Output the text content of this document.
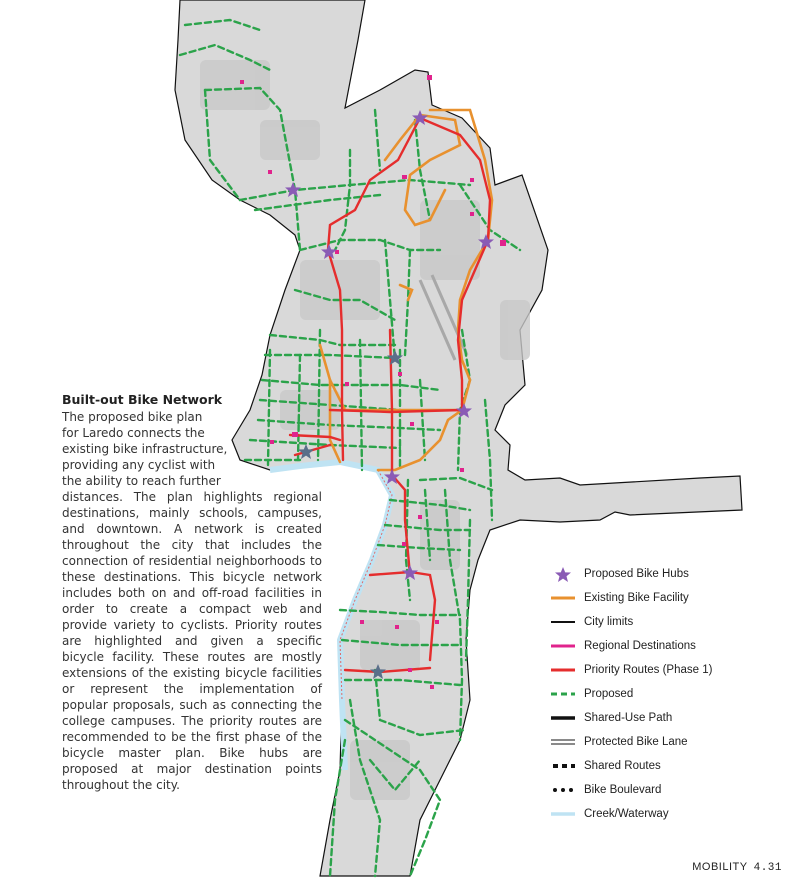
Built-out Bike Network

The proposed bike plan
for Laredo connects the
existing bike infrastructure,
providing any cyclist with
the ability to reach further
distances. The plan highlights regional destinations, mainly schools, campuses, and downtown. A network is created throughout the city that includes the connection of residential neighborhoods to these destinations. This bicycle network includes both on and off-road facilities in order to create a compact web and provide variety to cyclists. Priority routes are highlighted and given a specific bicycle facility. These routes are mostly extensions of the existing bicycle facilities or represent the implementation of popular proposals, such as connecting the college campuses. The priority routes are recommended to be the first phase of the bicycle master plan. Bike hubs are proposed at major destination points throughout the city.

Proposed Bike Hubs
Existing Bike Facility
City limits
Regional Destinations
Priority Routes (Phase 1)
Proposed
Shared-Use Path
Protected Bike Lane
Shared Routes
Bike Boulevard
Creek/Waterway
MOBILITY 4.31
